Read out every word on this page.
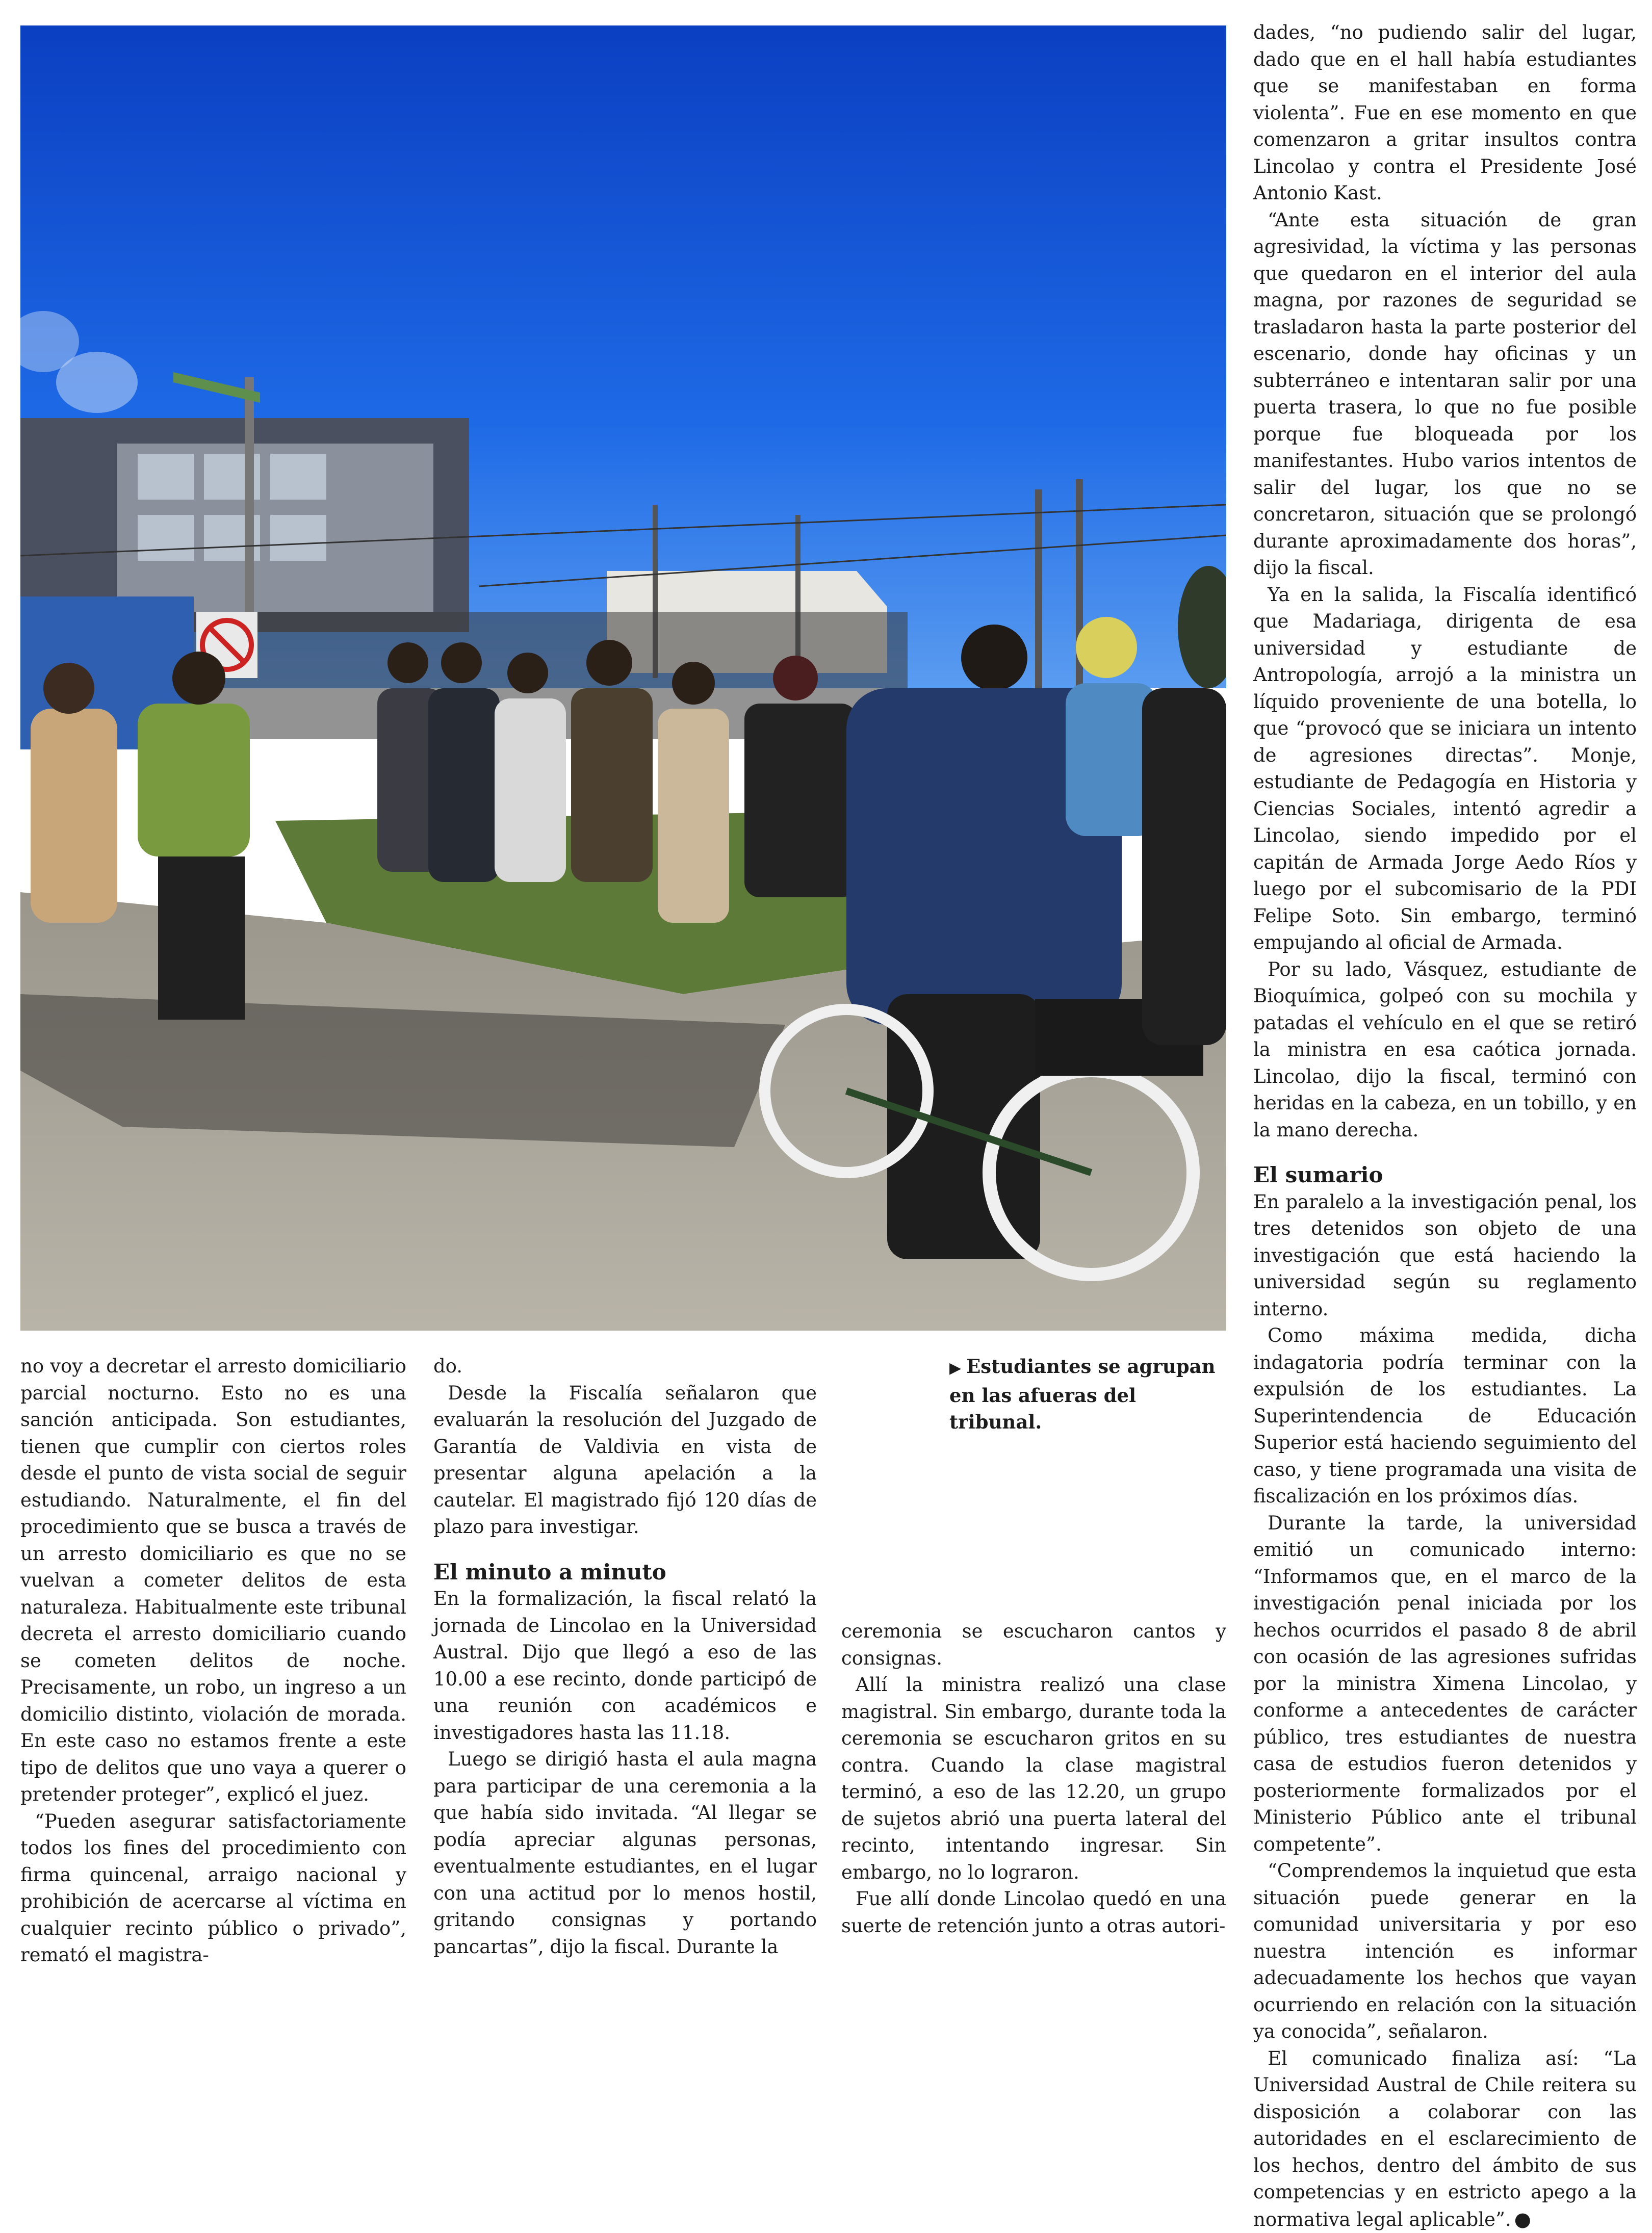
▶ Estudiantes se agrupan en las afueras del tribunal.

no voy a decretar el arresto domiciliario parcial nocturno. Esto no es una sanción anticipada. Son estudiantes, tienen que cumplir con ciertos roles desde el punto de vista social de seguir estudiando. Naturalmente, el fin del procedimiento que se busca a través de un arresto domiciliario es que no se vuelvan a cometer delitos de esta naturaleza. Habitualmente este tribunal decreta el arresto domiciliario cuando se cometen delitos de noche. Precisamente, un robo, un ingreso a un domicilio distinto, violación de morada. En este caso no estamos frente a este tipo de delitos que uno vaya a querer o pretender proteger”, explicó el juez.

“Pueden asegurar satisfactoriamente todos los fines del procedimiento con firma quincenal, arraigo nacional y prohibición de acercarse al víctima en cualquier recinto público o privado”, remató el magistra-

do.

Desde la Fiscalía señalaron que evaluarán la resolución del Juzgado de Garantía de Valdivia en vista de presentar alguna apelación a la cautelar. El magistrado fijó 120 días de plazo para investigar.

El minuto a minuto

En la formalización, la fiscal relató la jornada de Lincolao en la Universidad Austral. Dijo que llegó a eso de las 10.00 a ese recinto, donde participó de una reunión con académicos e investigadores hasta las 11.18.

Luego se dirigió hasta el aula magna para participar de una ceremonia a la que había sido invitada. “Al llegar se podía apreciar algunas personas, eventualmente estudiantes, en el lugar con una actitud por lo menos hostil, gritando consignas y portando pancartas”, dijo la fiscal. Durante la

ceremonia se escucharon cantos y consignas.

Allí la ministra realizó una clase magistral. Sin embargo, durante toda la ceremonia se escucharon gritos en su contra. Cuando la clase magistral terminó, a eso de las 12.20, un grupo de sujetos abrió una puerta lateral del recinto, intentando ingresar. Sin embargo, no lo lograron.

Fue allí donde Lincolao quedó en una suerte de retención junto a otras autori-

dades, “no pudiendo salir del lugar, dado que en el hall había estudiantes que se manifestaban en forma violenta”. Fue en ese momento en que comenzaron a gritar insultos contra Lincolao y contra el Presidente José Antonio Kast.

“Ante esta situación de gran agresividad, la víctima y las personas que quedaron en el interior del aula magna, por razones de seguridad se trasladaron hasta la parte posterior del escenario, donde hay oficinas y un subterráneo e intentaran salir por una puerta trasera, lo que no fue posible porque fue bloqueada por los manifestantes. Hubo varios intentos de salir del lugar, los que no se concretaron, situación que se prolongó durante aproximadamente dos horas”, dijo la fiscal.

Ya en la salida, la Fiscalía identificó que Madariaga, dirigenta de esa universidad y estudiante de Antropología, arrojó a la ministra un líquido proveniente de una botella, lo que “provocó que se iniciara un intento de agresiones directas”. Monje, estudiante de Pedagogía en Historia y Ciencias Sociales, intentó agredir a Lincolao, siendo impedido por el capitán de Armada Jorge Aedo Ríos y luego por el subcomisario de la PDI Felipe Soto. Sin embargo, terminó empujando al oficial de Armada.

Por su lado, Vásquez, estudiante de Bioquímica, golpeó con su mochila y patadas el vehículo en el que se retiró la ministra en esa caótica jornada. Lincolao, dijo la fiscal, terminó con heridas en la cabeza, en un tobillo, y en la mano derecha.

El sumario

En paralelo a la investigación penal, los tres detenidos son objeto de una investigación que está haciendo la universidad según su reglamento interno.

Como máxima medida, dicha indagatoria podría terminar con la expulsión de los estudiantes. La Superintendencia de Educación Superior está haciendo seguimiento del caso, y tiene programada una visita de fiscalización en los próximos días.

Durante la tarde, la universidad emitió un comunicado interno: “Informamos que, en el marco de la investigación penal iniciada por los hechos ocurridos el pasado 8 de abril con ocasión de las agresiones sufridas por la ministra Ximena Lincolao, y conforme a antecedentes de carácter público, tres estudiantes de nuestra casa de estudios fueron detenidos y posteriormente formalizados por el Ministerio Público ante el tribunal competente”.

“Comprendemos la inquietud que esta situación puede generar en la comunidad universitaria y por eso nuestra intención es informar adecuadamente los hechos que vayan ocurriendo en relación con la situación ya conocida”, señalaron.

El comunicado finaliza así: “La Universidad Austral de Chile reitera su disposición a colaborar con las autoridades en el esclarecimiento de los hechos, dentro del ámbito de sus competencias y en estricto apego a la normativa legal aplicable”. ●
